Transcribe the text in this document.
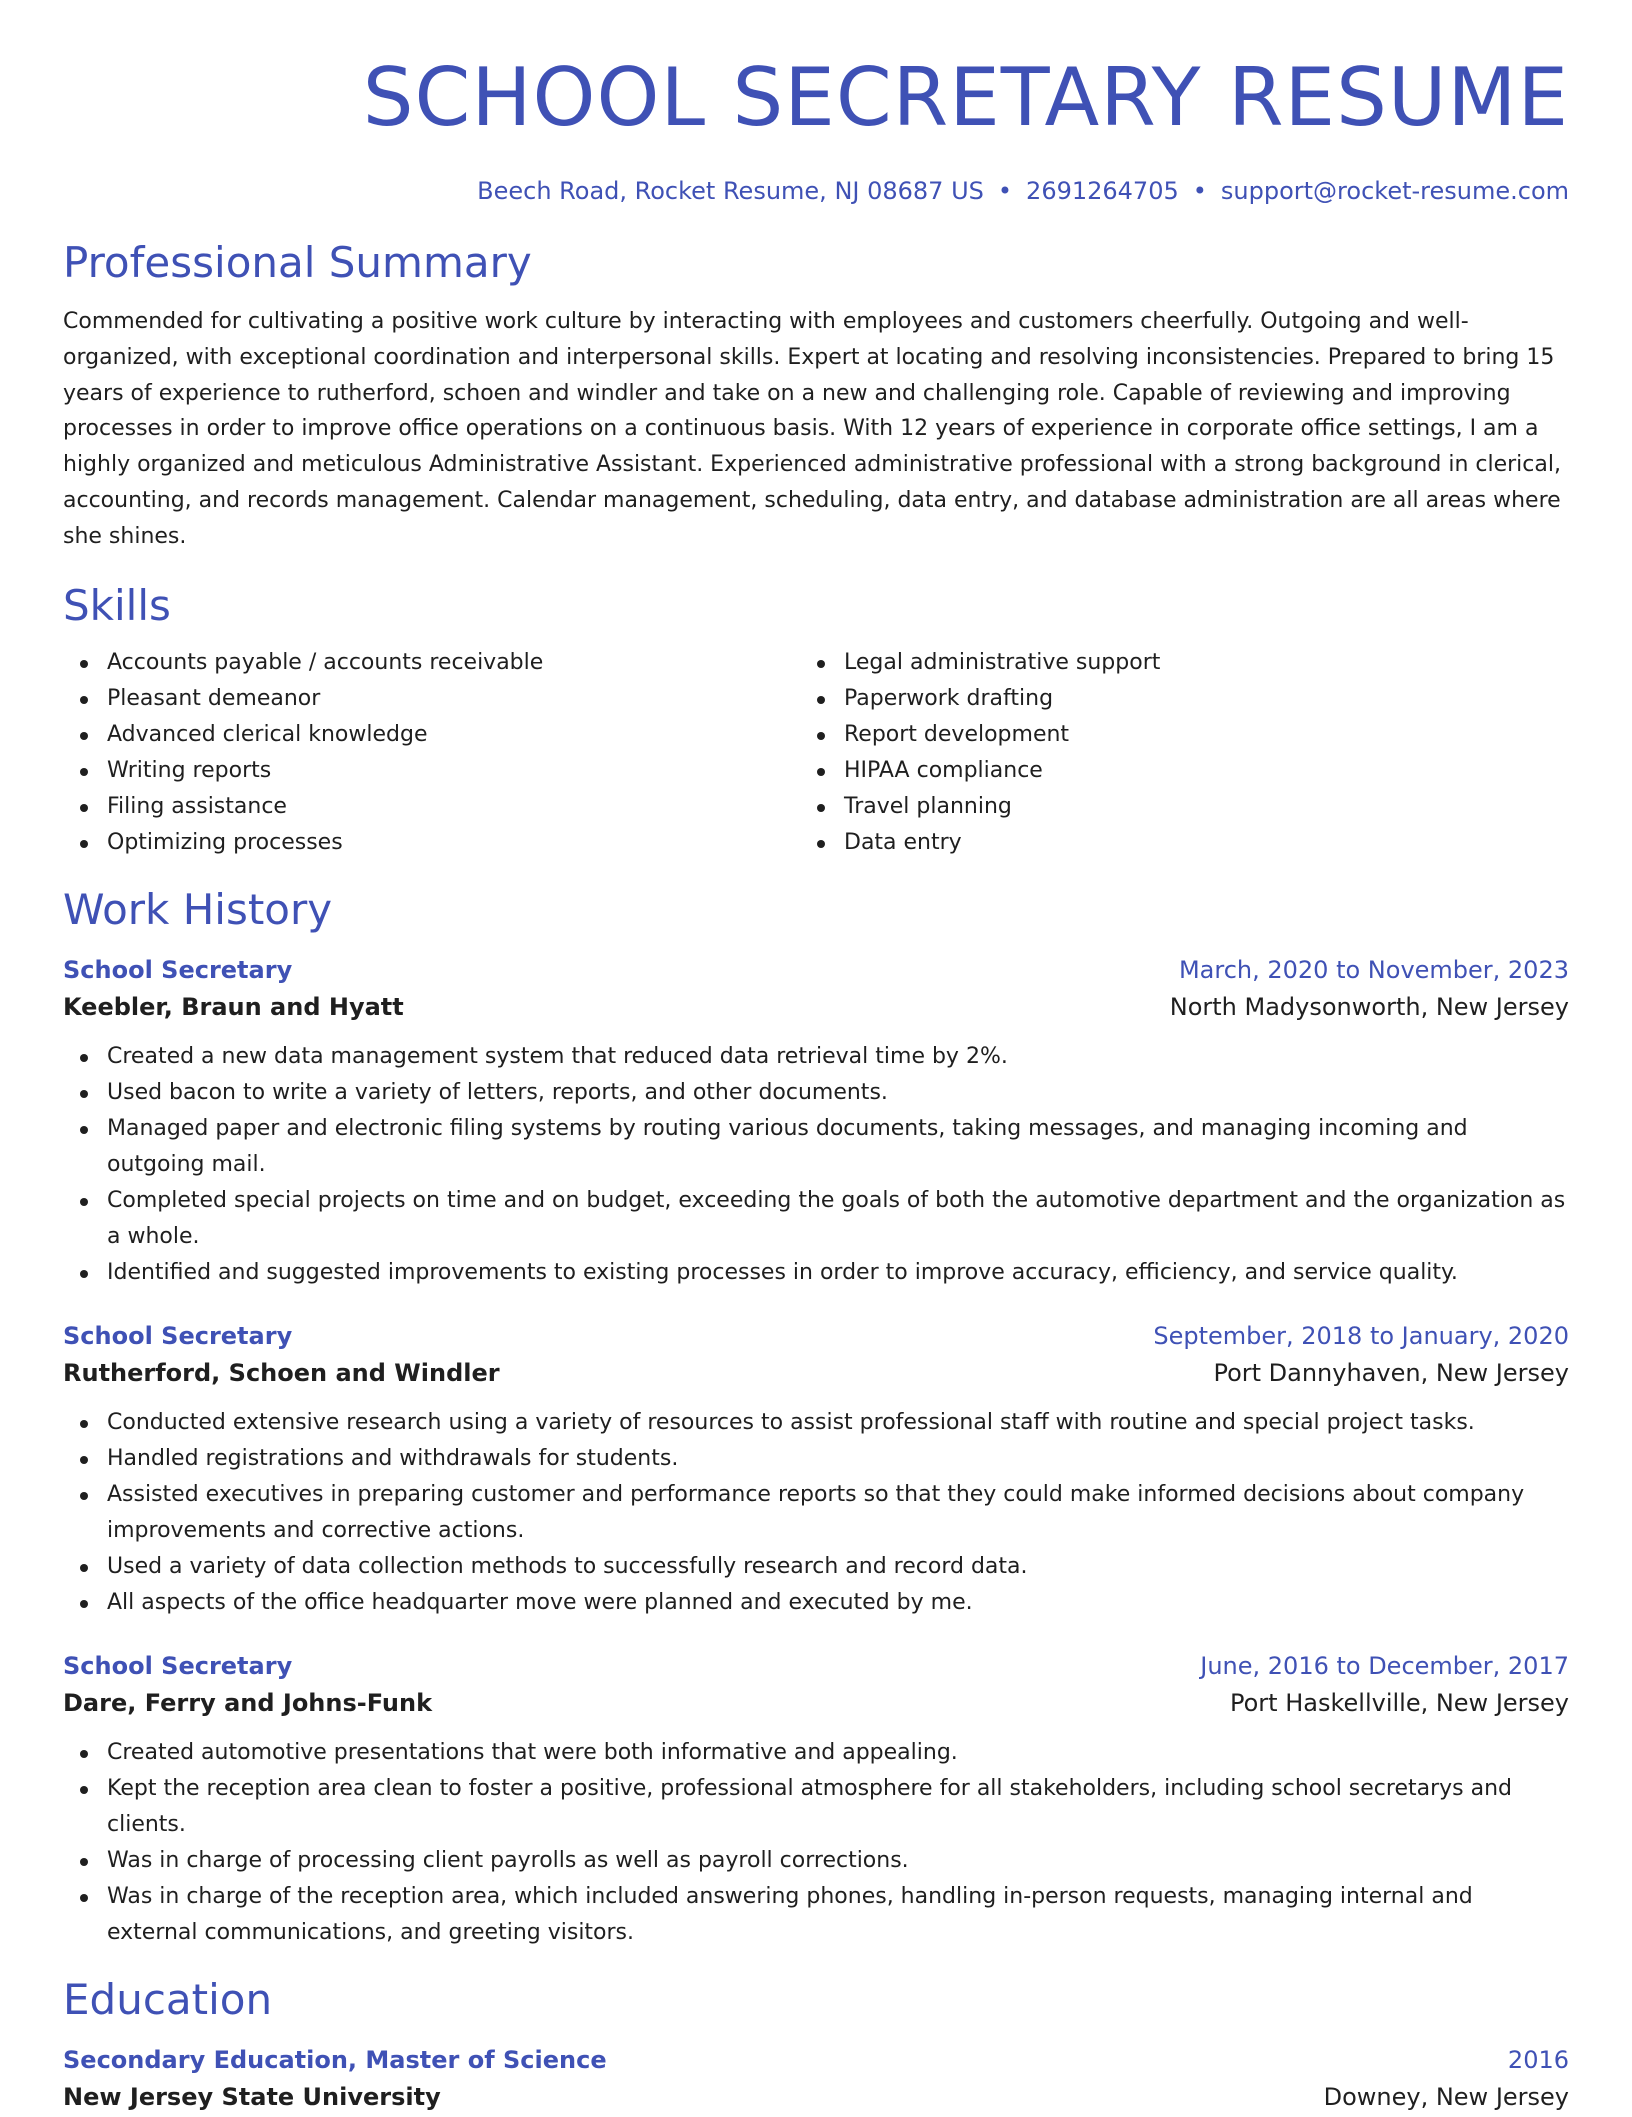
SCHOOL SECRETARY RESUME
Beech Road, Rocket Resume, NJ 08687 US • 2691264705 • support@rocket-resume.com
Professional Summary

Commended for cultivating a positive work culture by interacting with employees and customers cheerfully. Outgoing and well-organized, with exceptional coordination and interpersonal skills. Expert at locating and resolving inconsistencies. Prepared to bring 15 years of experience to rutherford, schoen and windler and take on a new and challenging role. Capable of reviewing and improving processes in order to improve office operations on a continuous basis. With 12 years of experience in corporate office settings, I am a highly organized and meticulous Administrative Assistant. Experienced administrative professional with a strong background in clerical, accounting, and records management. Calendar management, scheduling, data entry, and database administration are all areas where she shines.

Skills
Accounts payable / accounts receivable
Pleasant demeanor
Advanced clerical knowledge
Writing reports
Filing assistance
Optimizing processes
Legal administrative support
Paperwork drafting
Report development
HIPAA compliance
Travel planning
Data entry
Work History
School Secretary	March, 2020 to November, 2023
Keebler, Braun and Hyatt	North Madysonworth, New Jersey
Created a new data management system that reduced data retrieval time by 2%.
Used bacon to write a variety of letters, reports, and other documents.
Managed paper and electronic filing systems by routing various documents, taking messages, and managing incoming and outgoing mail.
Completed special projects on time and on budget, exceeding the goals of both the automotive department and the organization as a whole.
Identified and suggested improvements to existing processes in order to improve accuracy, efficiency, and service quality.
School Secretary	September, 2018 to January, 2020
Rutherford, Schoen and Windler	Port Dannyhaven, New Jersey
Conducted extensive research using a variety of resources to assist professional staff with routine and special project tasks.
Handled registrations and withdrawals for students.
Assisted executives in preparing customer and performance reports so that they could make informed decisions about company improvements and corrective actions.
Used a variety of data collection methods to successfully research and record data.
All aspects of the office headquarter move were planned and executed by me.
School Secretary	June, 2016 to December, 2017
Dare, Ferry and Johns-Funk	Port Haskellville, New Jersey
Created automotive presentations that were both informative and appealing.
Kept the reception area clean to foster a positive, professional atmosphere for all stakeholders, including school secretarys and clients.
Was in charge of processing client payrolls as well as payroll corrections.
Was in charge of the reception area, which included answering phones, handling in-person requests, managing internal and external communications, and greeting visitors.
Education
Secondary Education, Master of Science	2016
New Jersey State University	Downey, New Jersey
